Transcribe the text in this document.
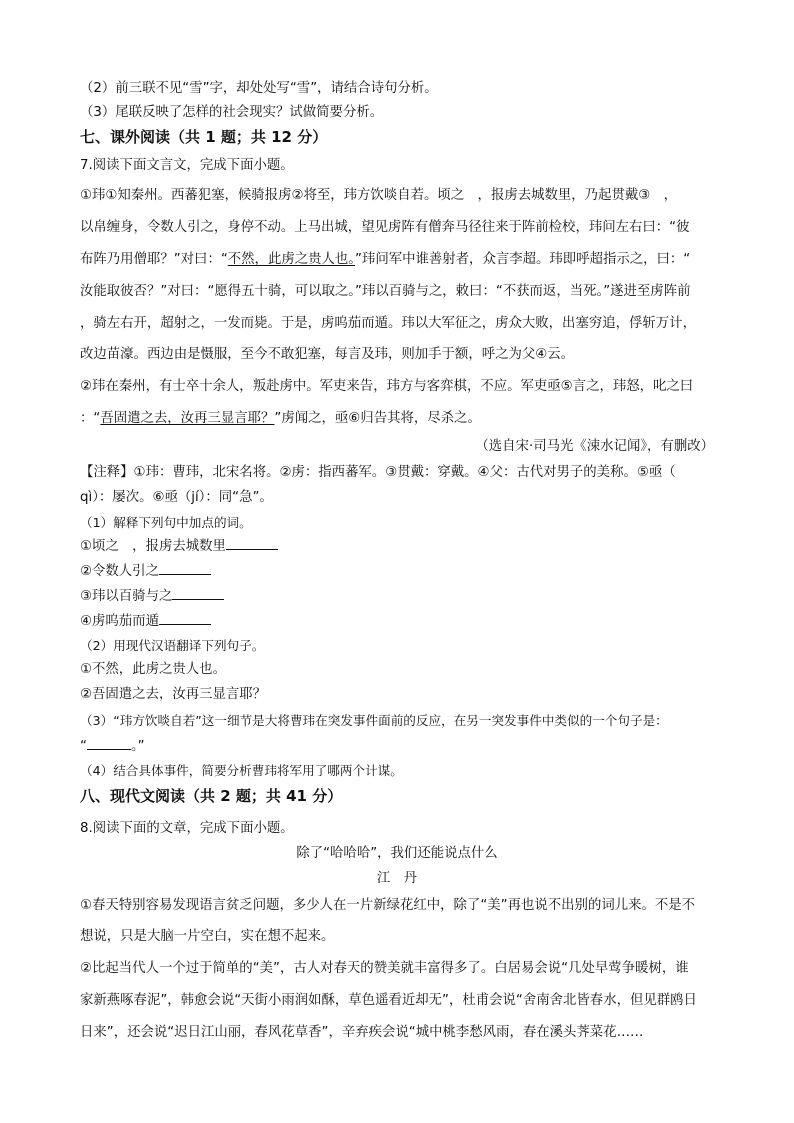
（2）前三联不见“雪”字，却处处写“雪”，请结合诗句分析。
（3）尾联反映了怎样的社会现实？试做简要分析。
七、课外阅读（共 1 题；共 12 分）
7.阅读下面文言文，完成下面小题。
①玮①知秦州。西蕃犯塞，候骑报虏②将至，玮方饮啖自若。顷之　，报虏去城数里，乃起贯戴③　，
以帛缠身，令数人引之，身停不动。上马出城，望见虏阵有僧奔马径往来于阵前检校，玮问左右曰：“彼
布阵乃用僧耶？”对曰：“不然，此虏之贵人也。”玮问军中谁善射者，众言李超。玮即呼超指示之，曰：“
汝能取彼否？”对曰：“愿得五十骑，可以取之。”玮以百骑与之，敕曰：“不获而返，当死。”遂进至虏阵前
，骑左右开，超射之，一发而毙。于是，虏呜茄而遁。玮以大军征之，虏众大败，出塞穷追，俘斩万计，
改边苗濠。西边由是慑服，至今不敢犯塞，每言及玮，则加手于额，呼之为父④云。
②玮在秦州，有士卒十余人，叛赴虏中。军吏来告，玮方与客弈棋，不应。军吏亟⑤言之，玮怒，叱之曰
：“吾固遣之去，汝再三显言耶？”虏闻之，亟⑥归告其将，尽杀之。
（选自宋·司马光《涑水记闻》，有删改）
【注释】①玮：曹玮，北宋名将。②虏：指西蕃军。③贯戴：穿戴。④父：古代对男子的美称。⑤亟（
qì）：屡次。⑥亟（jí）：同“急”。
（1）解释下列句中加点的词。
①顷之　，报虏去城数里
②令数人引之
③玮以百骑与之
④虏呜茄而遁
（2）用现代汉语翻译下列句子。
①不然，此虏之贵人也。
②吾固遣之去，汝再三显言耶？
（3）“玮方饮啖自若”这一细节是大将曹玮在突发事件面前的反应，在另一突发事件中类似的一个句子是：
“	。”
（4）结合具体事件，简要分析曹玮将军用了哪两个计谋。
八、现代文阅读（共 2 题；共 41 分）
8.阅读下面的文章，完成下面小题。
除了“哈哈哈”，我们还能说点什么
江　丹
①春天特别容易发现语言贫乏问题，多少人在一片新绿花红中，除了“美”再也说不出别的词儿来。不是不
想说，只是大脑一片空白，实在想不起来。
②比起当代人一个过于简单的“美”，古人对春天的赞美就丰富得多了。白居易会说“几处早莺争暖树，谁
家新燕啄春泥”，韩愈会说“天街小雨润如酥，草色遥看近却无”，杜甫会说“舍南舍北皆春水，但见群鸥日
日来”，还会说“迟日江山丽，春风花草香”，辛弃疾会说“城中桃李愁风雨，春在溪头荠菜花……
